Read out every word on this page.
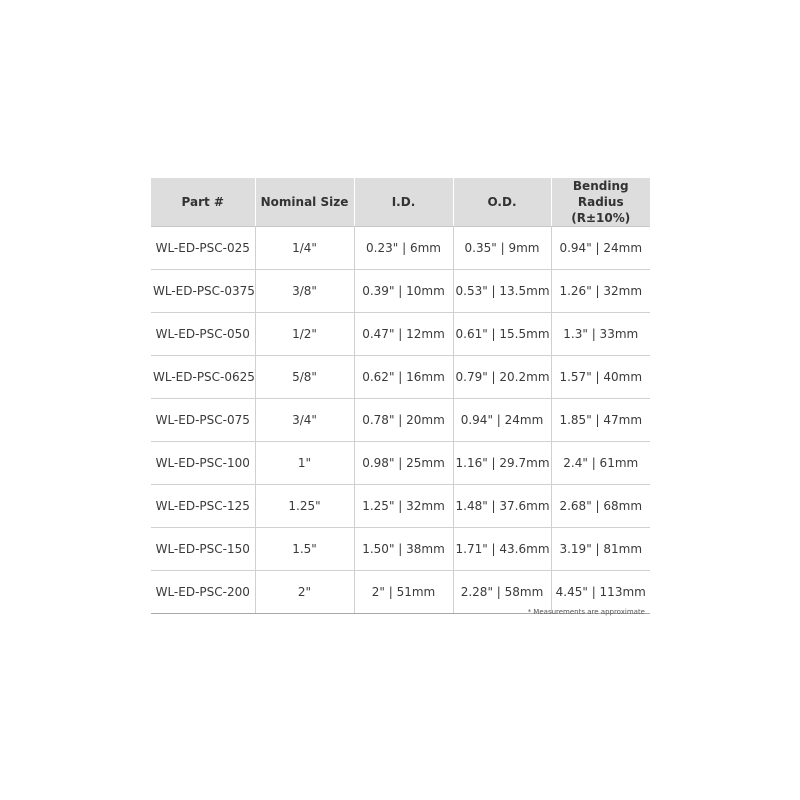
Part #	Nominal Size	I.D.	O.D.	Bending Radius
(R±10%)

WL-ED-PSC-025	1/4"	0.23" | 6mm	0.35" | 9mm	0.94" | 24mm
WL-ED-PSC-0375	3/8"	0.39" | 10mm	0.53" | 13.5mm	1.26" | 32mm
WL-ED-PSC-050	1/2"	0.47" | 12mm	0.61" | 15.5mm	1.3" | 33mm
WL-ED-PSC-0625	5/8"	0.62" | 16mm	0.79" | 20.2mm	1.57" | 40mm
WL-ED-PSC-075	3/4"	0.78" | 20mm	0.94" | 24mm	1.85" | 47mm
WL-ED-PSC-100	1"	0.98" | 25mm	1.16" | 29.7mm	2.4" | 61mm
WL-ED-PSC-125	1.25"	1.25" | 32mm	1.48" | 37.6mm	2.68" | 68mm
WL-ED-PSC-150	1.5"	1.50" | 38mm	1.71" | 43.6mm	3.19" | 81mm
WL-ED-PSC-200	2"	2" | 51mm	2.28" | 58mm	4.45" | 113mm
* Measurements are approximate
